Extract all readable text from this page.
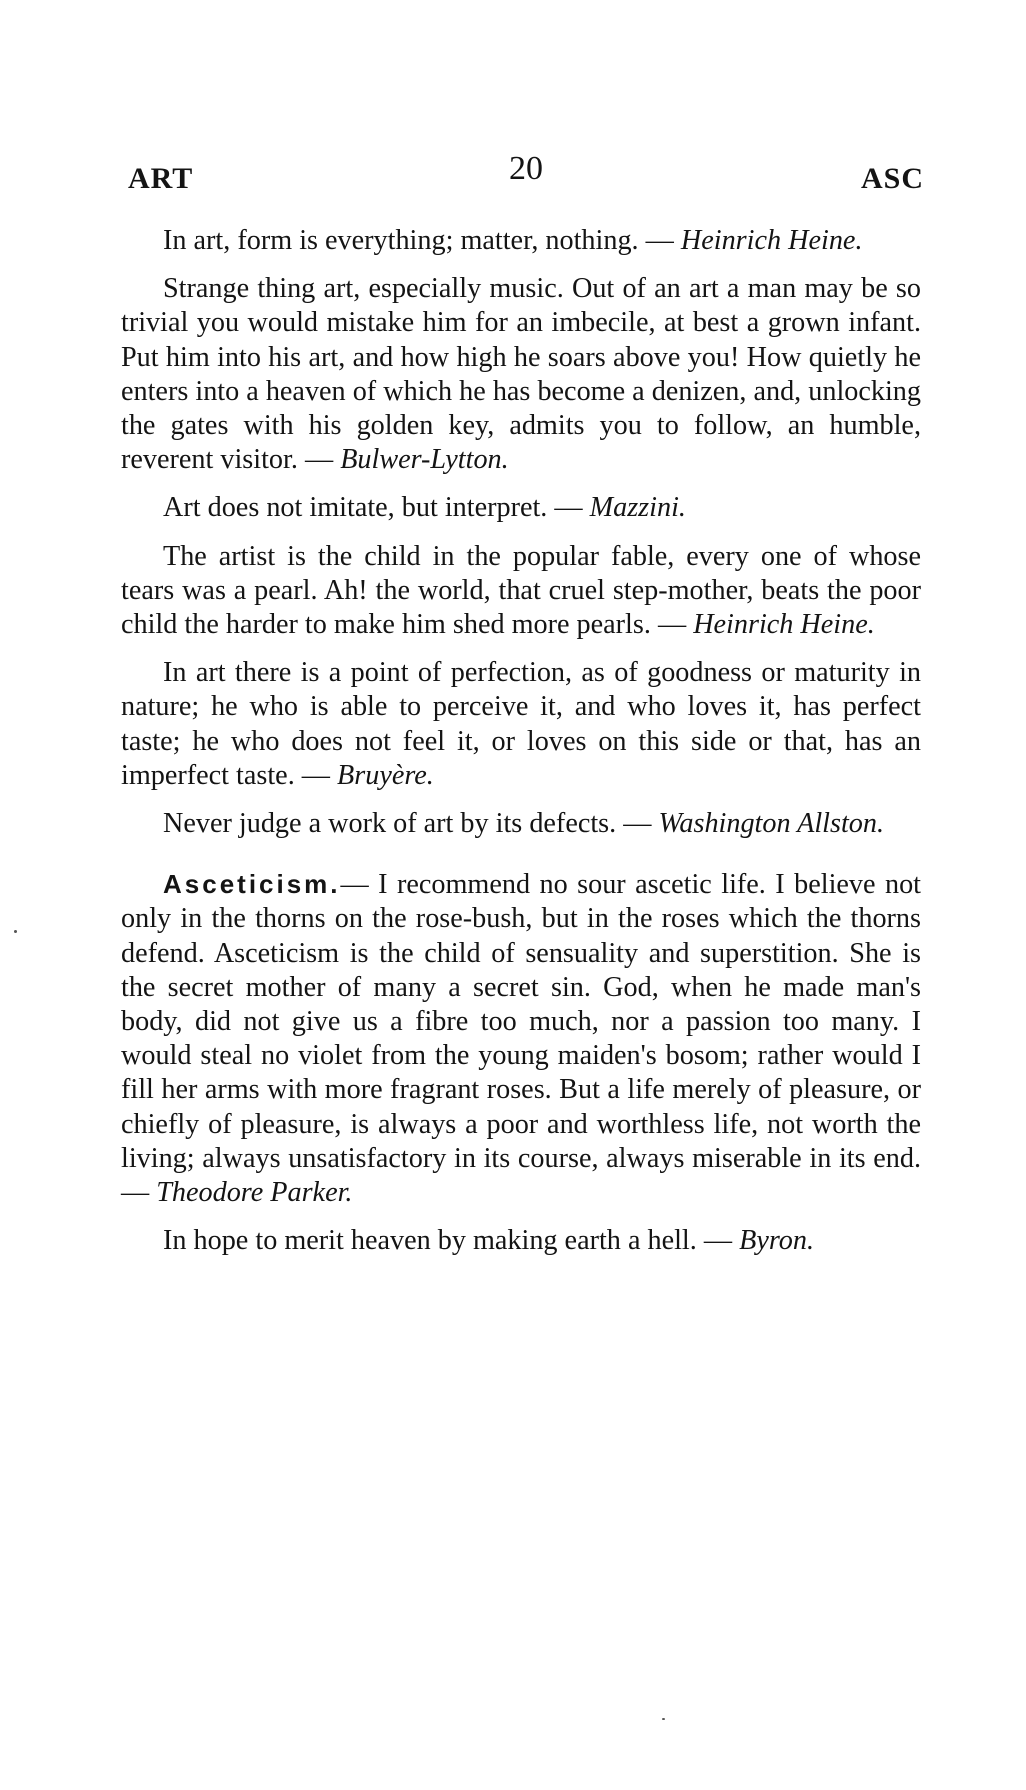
ART	20	ASC

In art, form is everything; matter, nothing. — Heinrich Heine.

Strange thing art, especially music. Out of an art a man may be so trivial you would mistake him for an imbecile, at best a grown infant. Put him into his art, and how high he soars above you! How quietly he enters into a heaven of which he has become a denizen, and, unlocking the gates with his golden key, admits you to follow, an humble, reverent visitor. — Bulwer-Lytton.

Art does not imitate, but interpret. — Mazzini.

The artist is the child in the popular fable, every one of whose tears was a pearl. Ah! the world, that cruel step-mother, beats the poor child the harder to make him shed more pearls. — Heinrich Heine.

In art there is a point of perfection, as of goodness or maturity in nature; he who is able to perceive it, and who loves it, has perfect taste; he who does not feel it, or loves on this side or that, has an imperfect taste. — Bruyère.

Never judge a work of art by its defects. — Washington Allston.

Asceticism.— I recommend no sour ascetic life. I believe not only in the thorns on the rose-bush, but in the roses which the thorns defend. Asceticism is the child of sensuality and superstition. She is the secret mother of many a secret sin. God, when he made man's body, did not give us a fibre too much, nor a passion too many. I would steal no violet from the young maiden's bosom; rather would I fill her arms with more fragrant roses. But a life merely of pleasure, or chiefly of pleasure, is always a poor and worthless life, not worth the living; always unsatisfactory in its course, always miserable in its end. — Theodore Parker.

In hope to merit heaven by making earth a hell. — Byron.
